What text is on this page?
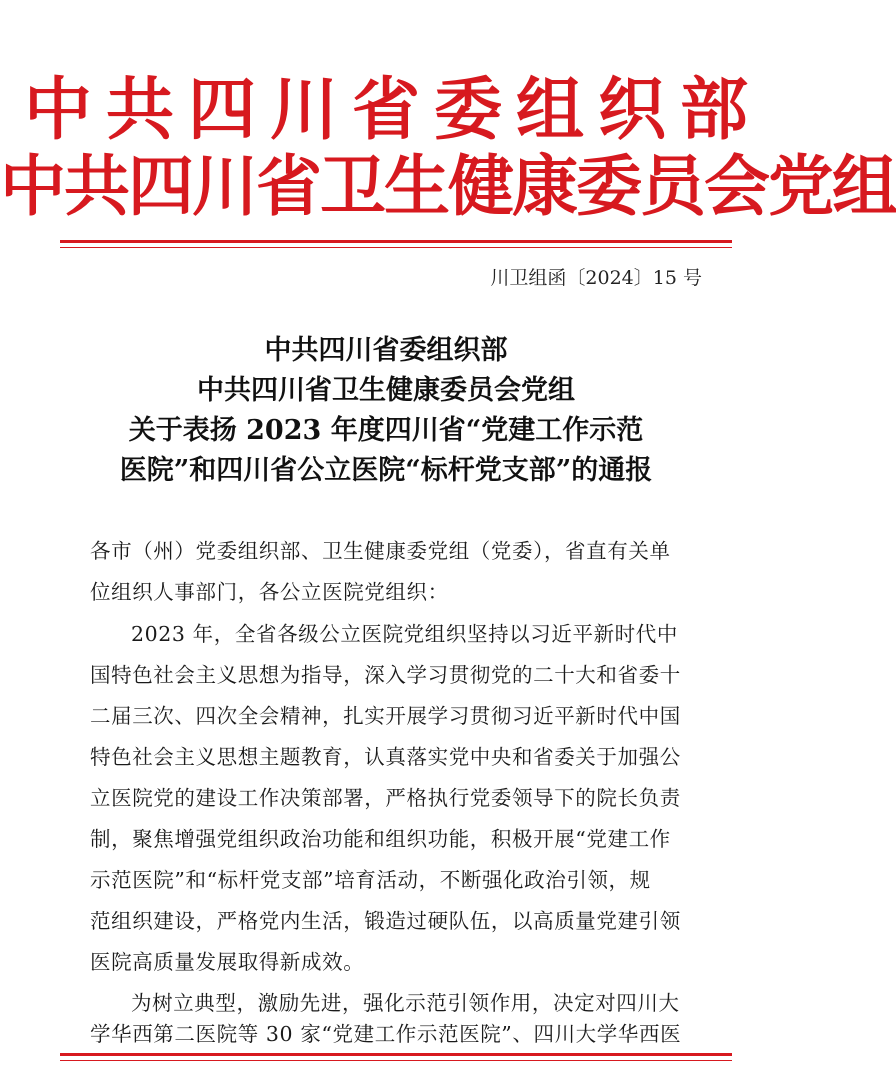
中共四川省委组织部
中共四川省卫生健康委员会党组
川卫组函〔2024〕15 号
中共四川省委组织部
中共四川省卫生健康委员会党组
关于表扬 2023 年度四川省“党建工作示范
医院”和四川省公立医院“标杆党支部”的通报
各市（州）党委组织部、卫生健康委党组（党委），省直有关单
位组织人事部门，各公立医院党组织：
2023 年，全省各级公立医院党组织坚持以习近平新时代中
国特色社会主义思想为指导，深入学习贯彻党的二十大和省委十
二届三次、四次全会精神，扎实开展学习贯彻习近平新时代中国
特色社会主义思想主题教育，认真落实党中央和省委关于加强公
立医院党的建设工作决策部署，严格执行党委领导下的院长负责
制，聚焦增强党组织政治功能和组织功能，积极开展“党建工作
示范医院”和“标杆党支部”培育活动，不断强化政治引领，规
范组织建设，严格党内生活，锻造过硬队伍，以高质量党建引领
医院高质量发展取得新成效。
为树立典型，激励先进，强化示范引领作用，决定对四川大
学华西第二医院等 30 家“党建工作示范医院”、四川大学华西医
